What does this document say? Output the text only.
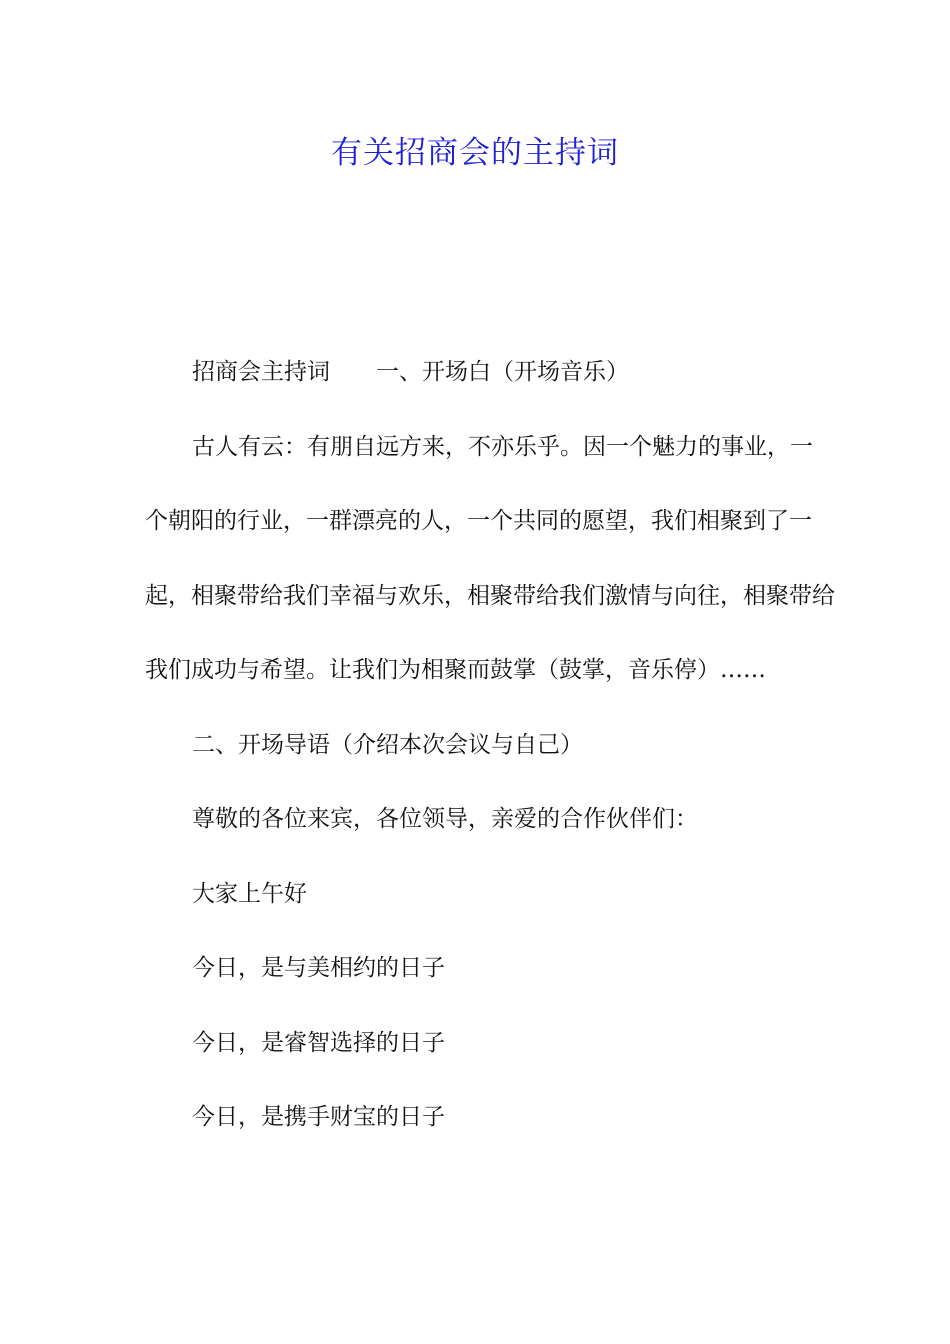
有关招商会的主持词

招商会主持词 一、开场白（开场音乐）

古人有云：有朋自远方来，不亦乐乎。因一个魅力的事业，一个朝阳的行业，一群漂亮的人，一个共同的愿望，我们相聚到了一起，相聚带给我们幸福与欢乐，相聚带给我们激情与向往，相聚带给我们成功与希望。让我们为相聚而鼓掌（鼓掌，音乐停）……

二、开场导语（介绍本次会议与自己）

尊敬的各位来宾，各位领导，亲爱的合作伙伴们：

大家上午好

今日，是与美相约的日子

今日，是睿智选择的日子

今日，是携手财宝的日子
